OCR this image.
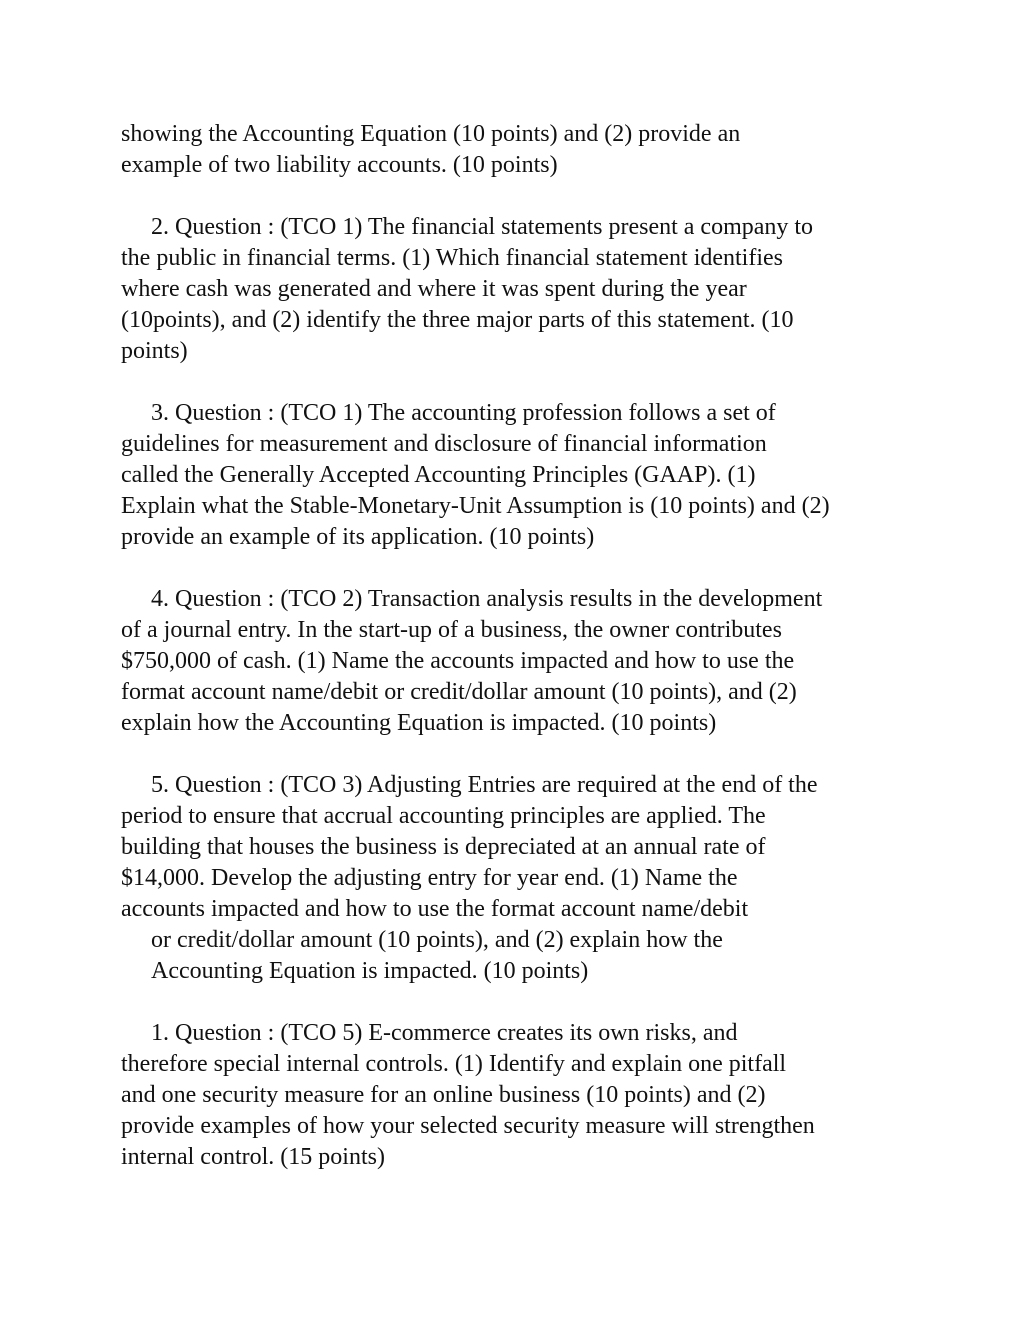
showing the Accounting Equation (10 points) and (2) provide an
example of two liability accounts. (10 points)
2. Question : (TCO 1) The financial statements present a company to
the public in financial terms. (1) Which financial statement identifies
where cash was generated and where it was spent during the year
(10points), and (2) identify the three major parts of this statement. (10
points)
3. Question : (TCO 1) The accounting profession follows a set of
guidelines for measurement and disclosure of financial information
called the Generally Accepted Accounting Principles (GAAP). (1)
Explain what the Stable-Monetary-Unit Assumption is (10 points) and (2)
provide an example of its application. (10 points)
4. Question : (TCO 2) Transaction analysis results in the development
of a journal entry. In the start-up of a business, the owner contributes
$750,000 of cash. (1) Name the accounts impacted and how to use the
format account name/debit or credit/dollar amount (10 points), and (2)
explain how the Accounting Equation is impacted. (10 points)
5. Question : (TCO 3) Adjusting Entries are required at the end of the
period to ensure that accrual accounting principles are applied. The
building that houses the business is depreciated at an annual rate of
$14,000. Develop the adjusting entry for year end. (1) Name the
accounts impacted and how to use the format account name/debit
or credit/dollar amount (10 points), and (2) explain how the
Accounting Equation is impacted. (10 points)
1. Question : (TCO 5) E-commerce creates its own risks, and
therefore special internal controls. (1) Identify and explain one pitfall
and one security measure for an online business (10 points) and (2)
provide examples of how your selected security measure will strengthen
internal control. (15 points)
